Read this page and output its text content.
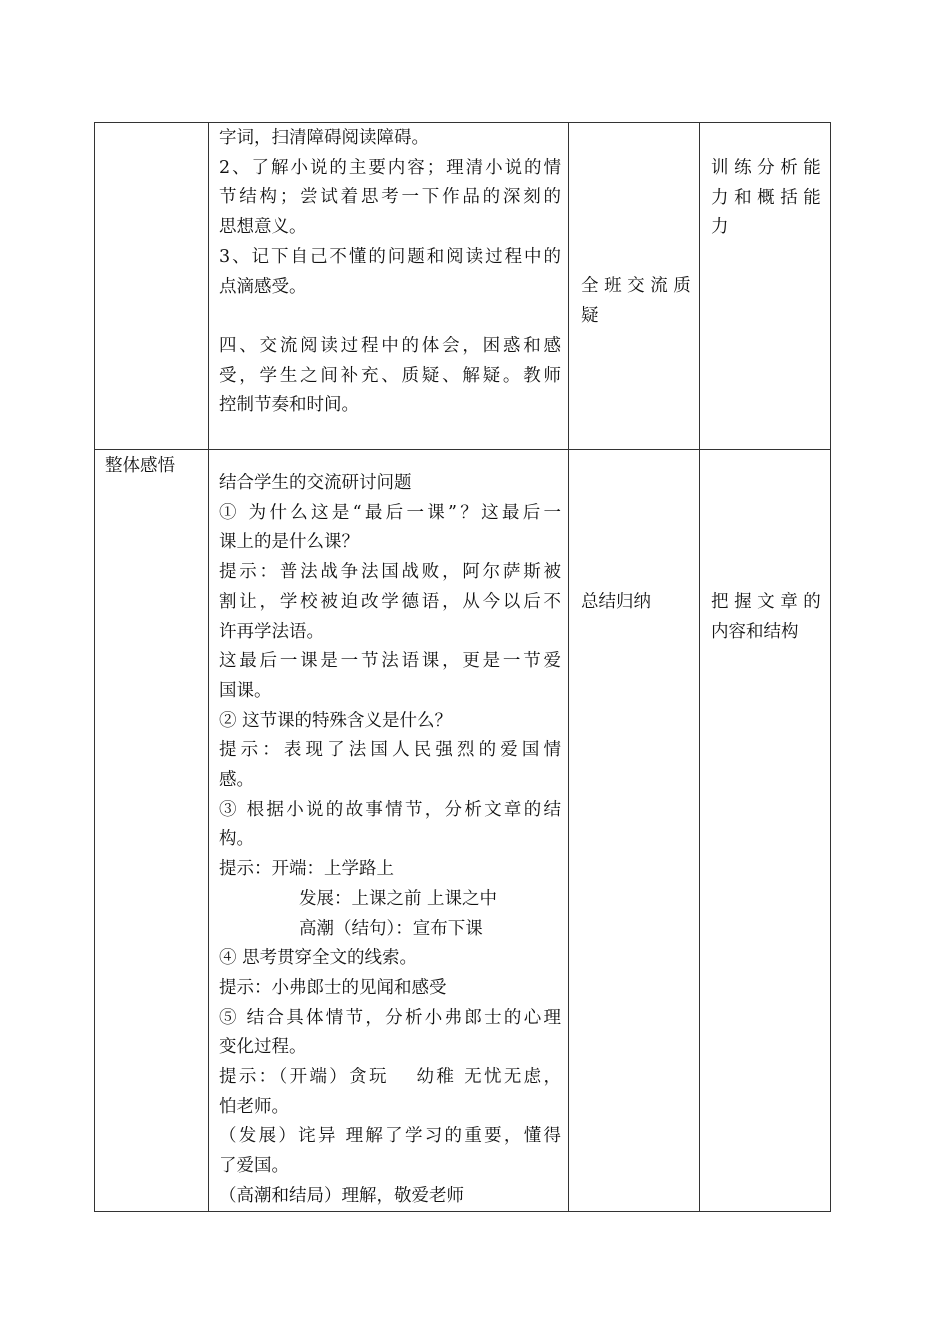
字词，扫清障碍阅读障碍。

2、了解小说的主要内容；理清小说的情

节结构；尝试着思考一下作品的深刻的

思想意义。

3、记下自己不懂的问题和阅读过程中的

点滴感受。

四、交流阅读过程中的体会，困惑和感

受，学生之间补充、质疑、解疑。教师

控制节奏和时间。

全 班 交 流 质

疑

训 练 分 析 能

力 和 概 括 能

力

整体感悟

结合学生的交流研讨问题

① 为什么这是“最后一课”？这最后一

课上的是什么课？

提示：普法战争法国战败，阿尔萨斯被

割让，学校被迫改学德语，从今以后不

许再学法语。

这最后一课是一节法语课，更是一节爱

国课。

② 这节课的特殊含义是什么？

提示：表现了法国人民强烈的爱国情

感。

③ 根据小说的故事情节，分析文章的结

构。

提示：开端：上学路上

发展：上课之前 上课之中

高潮（结句）：宣布下课

④ 思考贯穿全文的线索。

提示：小弗郎士的见闻和感受

⑤ 结合具体情节，分析小弗郎士的心理

变化过程。

提示：（开端）贪玩　 幼稚 无忧无虑，

怕老师。

（发展）诧异 理解了学习的重要，懂得

了爱国。

（高潮和结局）理解，敬爱老师

总结归纳	把 握 文 章 的

内容和结构
